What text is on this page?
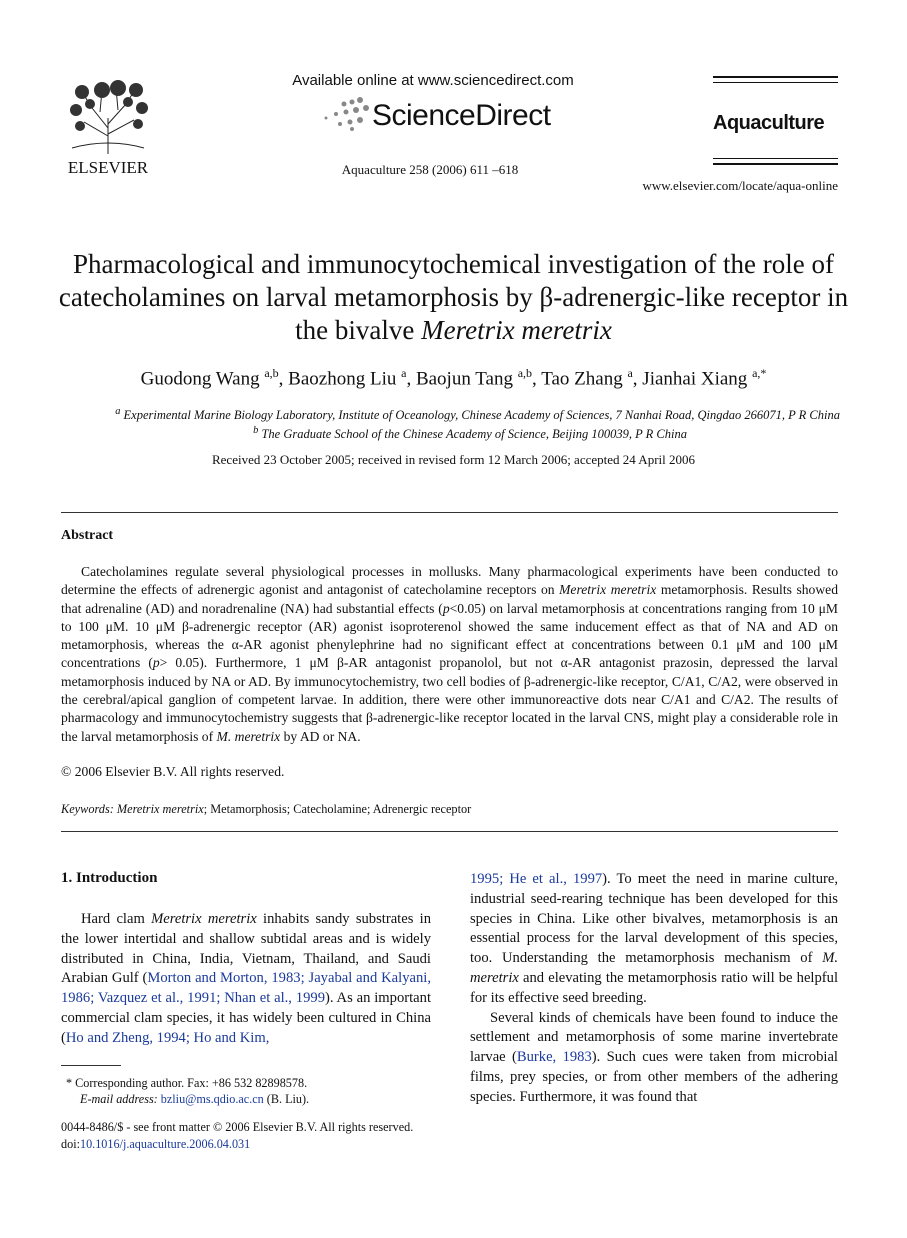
ELSEVIER
Available online at www.sciencedirect.com
ScienceDirect
Aquaculture 258 (2006) 611 –618
Aquaculture
www.elsevier.com/locate/aqua-online
Pharmacological and immunocytochemical investigation of the role of catecholamines on larval metamorphosis by β-adrenergic-like receptor in the bivalve Meretrix meretrix
Guodong Wang $^{a,b}$, Baozhong Liu $^a$, Baojun Tang $^{a,b}$, Tao Zhang $^a$, Jianhai Xiang $^{a,*}$
$^a$ Experimental Marine Biology Laboratory, Institute of Oceanology, Chinese Academy of Sciences, 7 Nanhai Road, Qingdao 266071, P R China
$^b$ The Graduate School of the Chinese Academy of Science, Beijing 100039, P R China
Received 23 October 2005; received in revised form 12 March 2006; accepted 24 April 2006
Abstract
Catecholamines regulate several physiological processes in mollusks. Many pharmacological experiments have been conducted to determine the effects of adrenergic agonist and antagonist of catecholamine receptors on Meretrix meretrix metamorphosis. Results showed that adrenaline (AD) and noradrenaline (NA) had substantial effects (p<0.05) on larval metamorphosis at concentrations ranging from 10 μM to 100 μM. 10 μM β-adrenergic receptor (AR) agonist isoproterenol showed the same inducement effect as that of NA and AD on metamorphosis, whereas the α-AR agonist phenylephrine had no significant effect at concentrations between 0.1 μM and 100 μM concentrations (p> 0.05). Furthermore, 1 μM β-AR antagonist propanolol, but not α-AR antagonist prazosin, depressed the larval metamorphosis induced by NA or AD. By immunocytochemistry, two cell bodies of β-adrenergic-like receptor, C/A1, C/A2, were observed in the cerebral/apical ganglion of competent larvae. In addition, there were other immunoreactive dots near C/A1 and C/A2. The results of pharmacology and immunocytochemistry suggests that β-adrenergic-like receptor located in the larval CNS, might play a considerable role in the larval metamorphosis of M. meretrix by AD or NA.
© 2006 Elsevier B.V. All rights reserved.
Keywords: Meretrix meretrix; Metamorphosis; Catecholamine; Adrenergic receptor
1. Introduction

Hard clam Meretrix meretrix inhabits sandy substrates in the lower intertidal and shallow subtidal areas and is widely distributed in China, India, Vietnam, Thailand, and Saudi Arabian Gulf (Morton and Morton, 1983; Jayabal and Kalyani, 1986; Vazquez et al., 1991; Nhan et al., 1999). As an important commercial clam species, it has widely been cultured in China (Ho and Zheng, 1994; Ho and Kim,

1995; He et al., 1997). To meet the need in marine culture, industrial seed-rearing technique has been developed for this species in China. Like other bivalves, metamorphosis is an essential process for the larval development of this species, too. Understanding the metamorphosis mechanism of M. meretrix and elevating the metamorphosis ratio will be helpful for its effective seed breeding.

Several kinds of chemicals have been found to induce the settlement and metamorphosis of some marine invertebrate larvae (Burke, 1983). Such cues were taken from microbial films, prey species, or from other members of the adhering species. Furthermore, it was found that

* Corresponding author. Fax: +86 532 82898578.
E-mail address: bzliu@ms.qdio.ac.cn (B. Liu).
0044-8486/$ - see front matter © 2006 Elsevier B.V. All rights reserved.
doi:10.1016/j.aquaculture.2006.04.031
